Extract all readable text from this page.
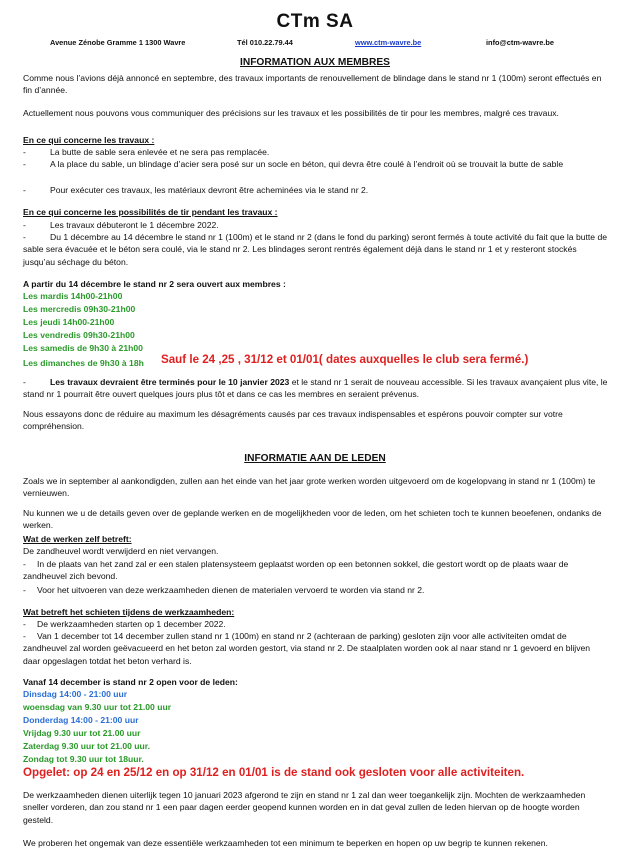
CTm SA
Avenue Zénobe Gramme 1 1300 Wavre	Tél 010.22.79.44	www.ctm-wavre.be	info@ctm-wavre.be
INFORMATION AUX MEMBRES
Comme nous l’avions déjà annoncé en septembre, des travaux importants de renouvellement de blindage dans le stand nr 1 (100m) seront effectués en fin d’année.
Actuellement nous pouvons vous communiquer des précisions sur les travaux et les possibilités de tir pour les membres, malgré ces travaux.
En ce qui concerne les travaux :
-	La butte de sable sera enlevée et ne sera pas remplacée.
-	A la place du sable, un blindage d’acier sera posé sur un socle en béton, qui devra être coulé à l’endroit où se trouvait la butte de sable
-	Pour exécuter ces travaux, les matériaux devront être acheminées via le stand nr 2.
En ce qui concerne les possibilités de tir pendant les travaux :
-	Les travaux débuteront le 1 décembre 2022.
-	Du 1 décembre au 14 décembre le stand nr 1 (100m) et le stand nr 2 (dans le fond du parking) seront fermés à toute activité du fait que la butte de sable sera évacuée et le béton sera coulé, via le stand nr 2. Les blindages seront rentrés également déjà dans le stand nr 1 et y resteront stockés jusqu’au séchage du béton.
A partir du 14 décembre le stand nr 2 sera ouvert aux membres :
Les mardis 14h00-21h00
Les mercredis 09h30-21h00
Les jeudi 14h00-21h00
Les vendredis 09h30-21h00
Les samedis de 9h30 à 21h00
Les dimanches de 9h30 à 18h Sauf le 24 ,25 , 31/12 et 01/01( dates auxquelles le club sera fermé.)
-	Les travaux devraient être terminés pour le 10 janvier 2023 et le stand nr 1 serait de nouveau accessible. Si les travaux avançaient plus vite, le stand nr 1 pourrait être ouvert quelques jours plus tôt et dans ce cas les membres en seraient prévenus.
Nous essayons donc de réduire au maximum les désagréments causés par ces travaux indispensables et espérons pouvoir compter sur votre compréhension.
INFORMATIE AAN DE LEDEN
Zoals we in september al aankondigden, zullen aan het einde van het jaar grote werken worden uitgevoerd om de kogelopvang in stand nr 1 (100m) te vernieuwen.
Nu kunnen we u de details geven over de geplande werken en de mogelijkheden voor de leden, om het schieten toch te kunnen beoefenen, ondanks de werken.
Wat de werken zelf betreft:
De zandheuvel wordt verwijderd en niet vervangen.
- In de plaats van het zand zal er een stalen platensysteem geplaatst worden op een betonnen sokkel, die gestort wordt op de plaats waar de zandheuvel zich bevond.
- Voor het uitvoeren van deze werkzaamheden dienen de materialen vervoerd te worden via stand nr 2.
Wat betreft het schieten tijdens de werkzaamheden:
- De werkzaamheden starten op 1 december 2022.
- Van 1 december tot 14 december zullen stand nr 1 (100m) en stand nr 2 (achteraan de parking) gesloten zijn voor alle activiteiten omdat de zandheuvel zal worden geëvacueerd en het beton zal worden gestort, via stand nr 2. De staalplaten worden ook al naar stand nr 1 gevoerd en blijven daar opgeslagen totdat het beton verhard is.
Vanaf 14 december is stand nr 2 open voor de leden:
Dinsdag 14:00 - 21:00 uur
woensdag van 9.30 uur tot 21.00 uur
Donderdag 14:00 - 21:00 uur
Vrijdag 9.30 uur tot 21.00 uur
Zaterdag 9.30 uur tot 21.00 uur.
Zondag tot 9.30 uur tot 18uur.
Opgelet: op 24 en 25/12 en op 31/12 en 01/01 is de stand ook gesloten voor alle activiteiten.
De werkzaamheden dienen uiterlijk tegen 10 januari 2023 afgerond te zijn en stand nr 1 zal dan weer toegankelijk zijn. Mochten de werkzaamheden sneller vorderen, dan zou stand nr 1 een paar dagen eerder geopend kunnen worden en in dat geval zullen de leden hiervan op de hoogte worden gesteld.
We proberen het ongemak van deze essentiële werkzaamheden tot een minimum te beperken en hopen op uw begrip te kunnen rekenen.
